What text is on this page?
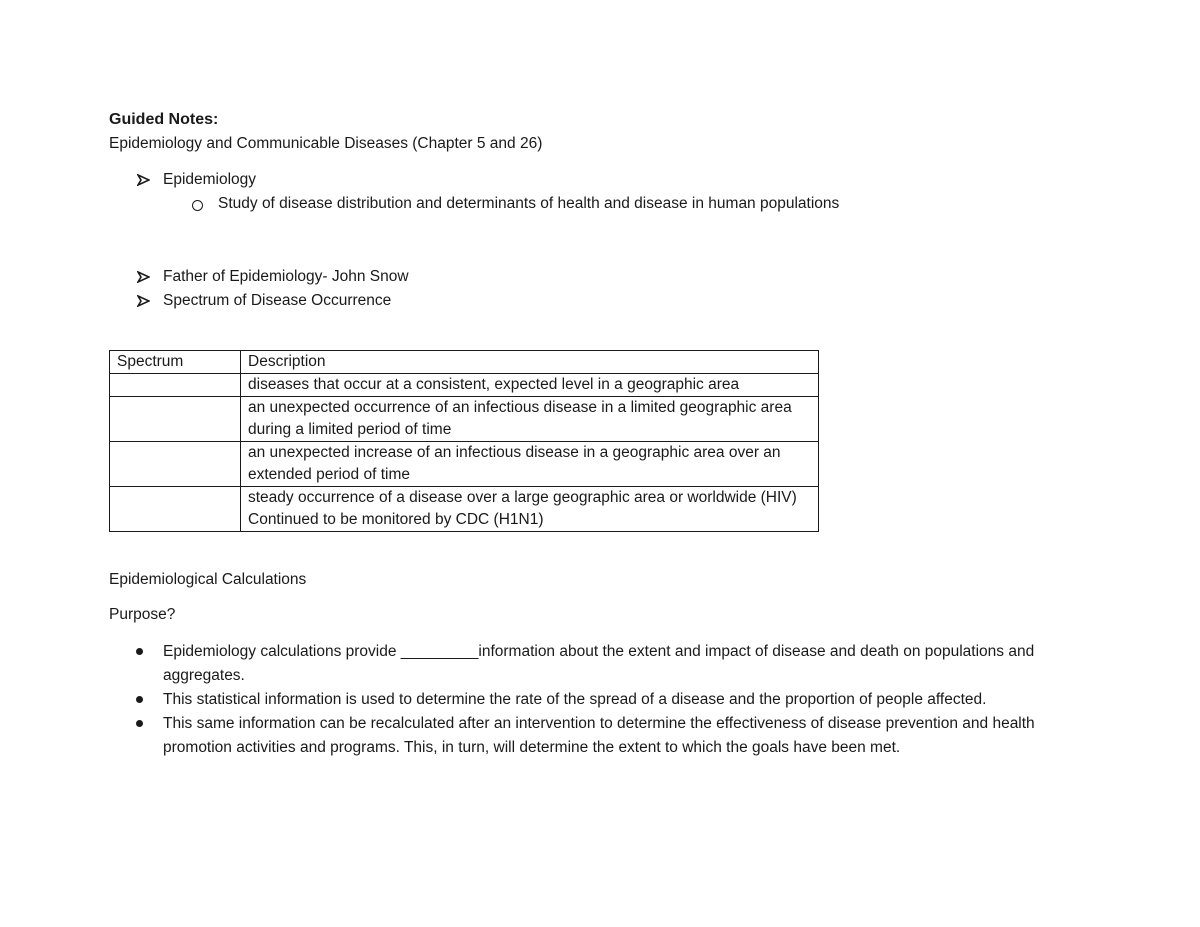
Guided Notes:
Epidemiology and Communicable Diseases (Chapter 5 and 26)
Epidemiology
Study of disease distribution and determinants of health and disease in human populations
Father of Epidemiology- John Snow
Spectrum of Disease Occurrence
Spectrum	Description
	diseases that occur at a consistent, expected level in a geographic area
	an unexpected occurrence of an infectious disease in a limited geographic area during a limited period of time
	an unexpected increase of an infectious disease in a geographic area over an extended period of time
	steady occurrence of a disease over a large geographic area or worldwide (HIV) Continued to be monitored by CDC (H1N1)
Epidemiological Calculations
Purpose?
Epidemiology calculations provide _________information about the extent and impact of disease and death on populations and aggregates.
This statistical information is used to determine the rate of the spread of a disease and the proportion of people affected.
This same information can be recalculated after an intervention to determine the effectiveness of disease prevention and health promotion activities and programs. This, in turn, will determine the extent to which the goals have been met.
